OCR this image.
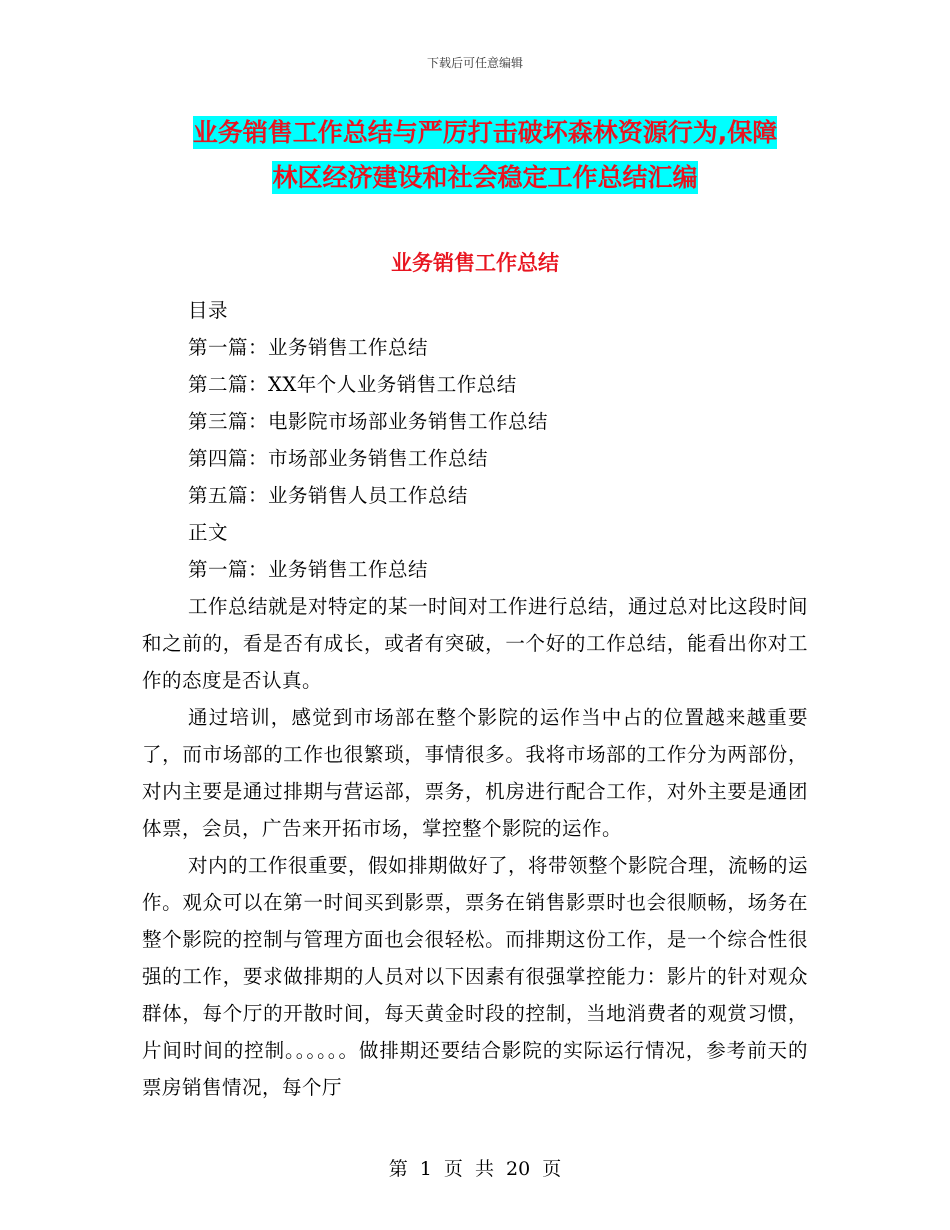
下载后可任意编辑
业务销售工作总结与严厉打击破坏森林资源行为,保障
林区经济建设和社会稳定工作总结汇编
业务销售工作总结
目录
第一篇：业务销售工作总结
第二篇：XX年个人业务销售工作总结
第三篇：电影院市场部业务销售工作总结
第四篇：市场部业务销售工作总结
第五篇：业务销售人员工作总结
正文
第一篇：业务销售工作总结

工作总结就是对特定的某一时间对工作进行总结，通过总对比这段时间和之前的，看是否有成长，或者有突破，一个好的工作总结，能看出你对工作的态度是否认真。

通过培训，感觉到市场部在整个影院的运作当中占的位置越来越重要了，而市场部的工作也很繁琐，事情很多。我将市场部的工作分为两部份，对内主要是通过排期与营运部，票务，机房进行配合工作，对外主要是通团体票，会员，广告来开拓市场，掌控整个影院的运作。

对内的工作很重要，假如排期做好了，将带领整个影院合理，流畅的运作。观众可以在第一时间买到影票，票务在销售影票时也会很顺畅，场务在整个影院的控制与管理方面也会很轻松。而排期这份工作，是一个综合性很强的工作，要求做排期的人员对以下因素有很强掌控能力：影片的针对观众群体，每个厅的开散时间，每天黄金时段的控制，当地消费者的观赏习惯，片间时间的控制。。。。。。做排期还要结合影院的实际运行情况，参考前天的票房销售情况，每个厅

第 1 页 共 20 页
